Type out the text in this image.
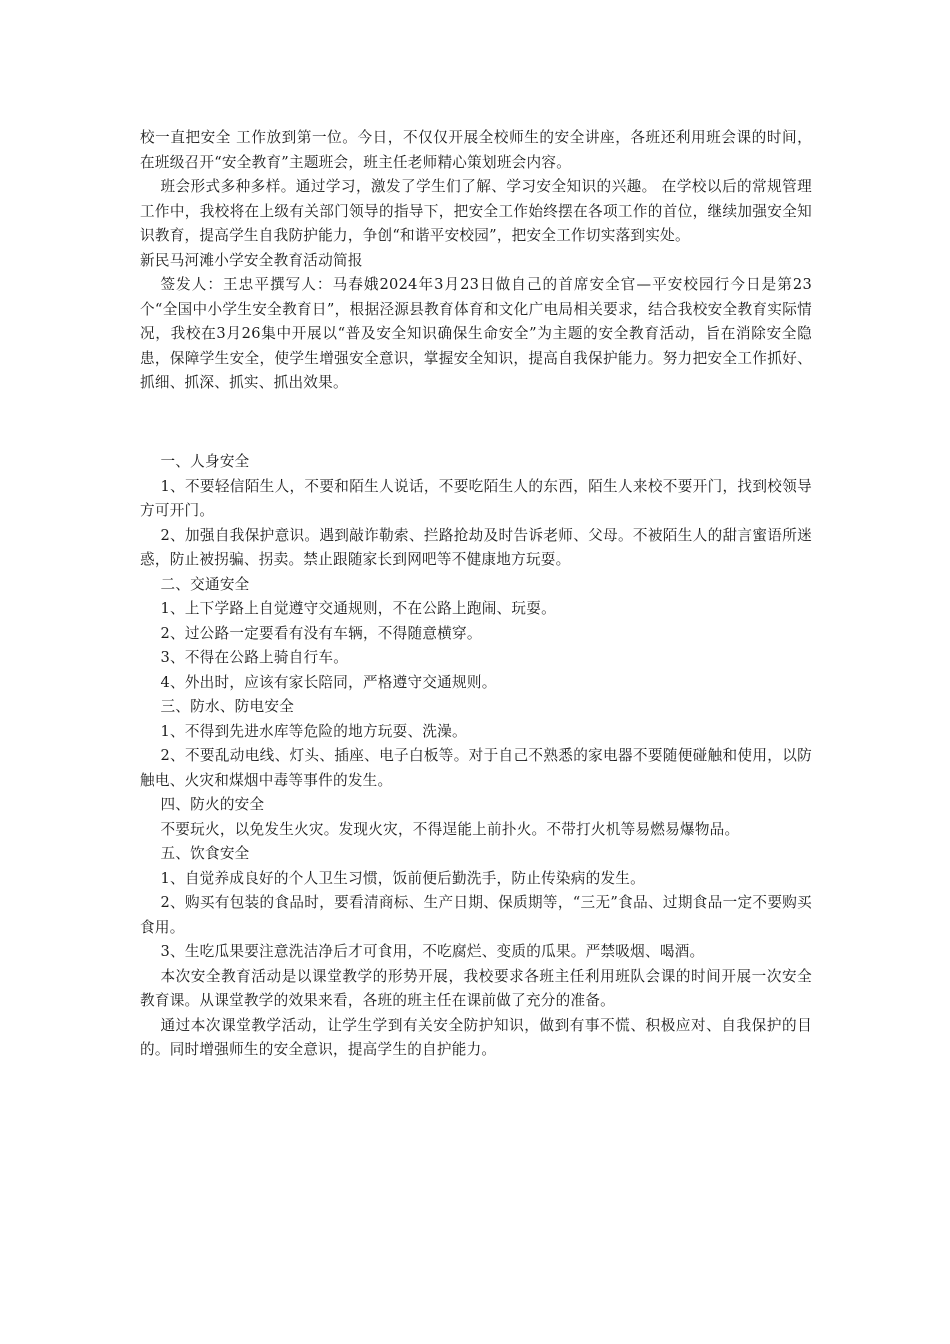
校一直把安全 工作放到第一位。今日，不仅仅开展全校师生的安全讲座，各班还利用班会课的时间，在班级召开“安全教育”主题班会，班主任老师精心策划班会内容。

班会形式多种多样。通过学习，激发了学生们了解、学习安全知识的兴趣。 在学校以后的常规管理工作中，我校将在上级有关部门领导的指导下，把安全工作始终摆在各项工作的首位，继续加强安全知识教育，提高学生自我防护能力，争创“和谐平安校园”，把安全工作切实落到实处。

新民马河滩小学安全教育活动简报

签发人：王忠平撰写人：马春娥2024年3月23日做自己的首席安全官—平安校园行今日是第23个“全国中小学生安全教育日”，根据泾源县教育体育和文化广电局相关要求，结合我校安全教育实际情况，我校在3月26集中开展以“普及安全知识确保生命安全”为主题的安全教育活动，旨在消除安全隐患，保障学生安全，使学生增强安全意识，掌握安全知识，提高自我保护能力。努力把安全工作抓好、抓细、抓深、抓实、抓出效果。

一、人身安全

1、不要轻信陌生人，不要和陌生人说话，不要吃陌生人的东西，陌生人来校不要开门，找到校领导方可开门。

2、加强自我保护意识。遇到敲诈勒索、拦路抢劫及时告诉老师、父母。不被陌生人的甜言蜜语所迷惑，防止被拐骗、拐卖。禁止跟随家长到网吧等不健康地方玩耍。

二、交通安全

1、上下学路上自觉遵守交通规则，不在公路上跑闹、玩耍。

2、过公路一定要看有没有车辆，不得随意横穿。

3、不得在公路上骑自行车。

4、外出时，应该有家长陪同，严格遵守交通规则。

三、防水、防电安全

1、不得到先进水库等危险的地方玩耍、洗澡。

2、不要乱动电线、灯头、插座、电子白板等。对于自己不熟悉的家电器不要随便碰触和使用，以防触电、火灾和煤烟中毒等事件的发生。

四、防火的安全

不要玩火，以免发生火灾。发现火灾，不得逞能上前扑火。不带打火机等易燃易爆物品。

五、饮食安全

1、自觉养成良好的个人卫生习惯，饭前便后勤洗手，防止传染病的发生。

2、购买有包装的食品时，要看清商标、生产日期、保质期等，“三无”食品、过期食品一定不要购买食用。

3、生吃瓜果要注意洗洁净后才可食用，不吃腐烂、变质的瓜果。严禁吸烟、喝酒。

本次安全教育活动是以课堂教学的形势开展，我校要求各班主任利用班队会课的时间开展一次安全教育课。从课堂教学的效果来看，各班的班主任在课前做了充分的准备。

通过本次课堂教学活动，让学生学到有关安全防护知识，做到有事不慌、积极应对、自我保护的目的。同时增强师生的安全意识，提高学生的自护能力。
